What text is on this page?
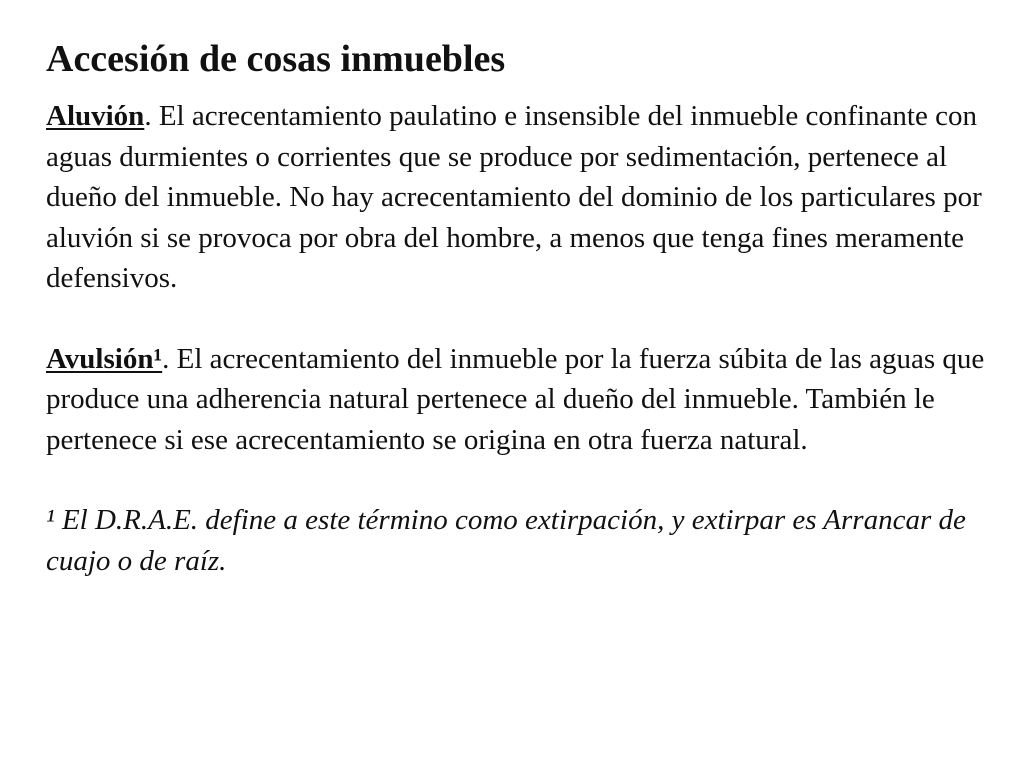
Accesión de cosas inmuebles

Aluvión. El acrecentamiento paulatino e insensible del inmueble confinante con aguas durmientes o corrientes que se produce por sedimentación, pertenece al dueño del inmueble. No hay acrecentamiento del dominio de los particulares por aluvión si se provoca por obra del hombre, a menos que tenga fines meramente defensivos.

Avulsión¹. El acrecentamiento del inmueble por la fuerza súbita de las aguas que produce una adherencia natural pertenece al dueño del inmueble. También le pertenece si ese acrecentamiento se origina en otra fuerza natural.

¹ El D.R.A.E. define a este término como extirpación, y extirpar es Arrancar de cuajo o de raíz.
